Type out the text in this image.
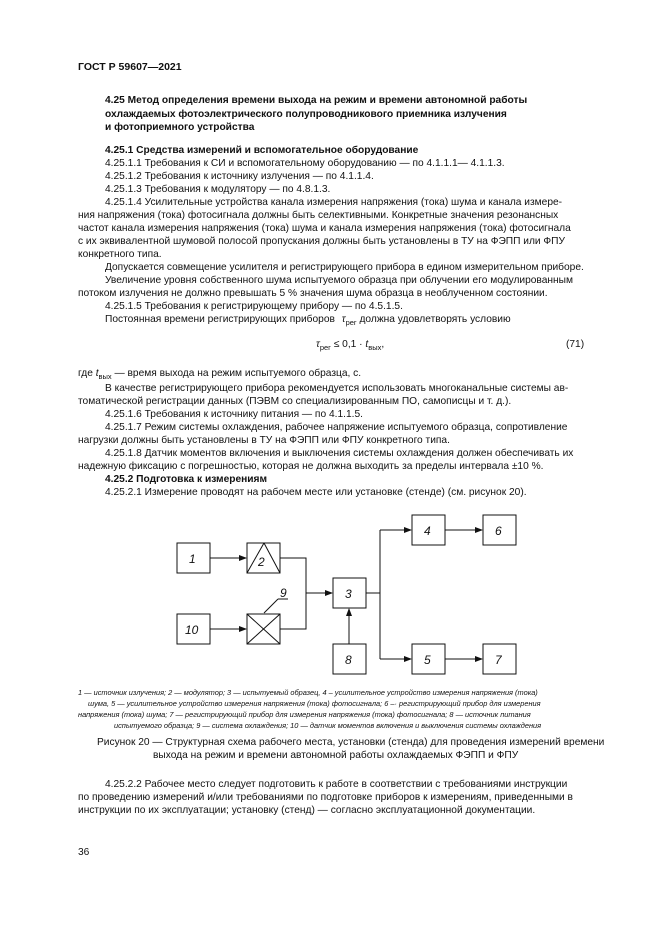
ГОСТ Р 59607—2021
4.25 Метод определения времени выхода на режим и времени автономной работы
охлаждаемых фотоэлектрического полупроводникового приемника излучения
и фотоприемного устройства
4.25.1 Средства измерений и вспомогательное оборудование
4.25.1.1 Требования к СИ и вспомогательному оборудованию — по 4.1.1.1— 4.1.1.3.
4.25.1.2 Требования к источнику излучения — по 4.1.1.4.
4.25.1.3 Требования к модулятору — по 4.8.1.3.
4.25.1.4 Усилительные устройства канала измерения напряжения (тока) шума и канала измере-
ния напряжения (тока) фотосигнала должны быть селективными. Конкретные значения резонансных
частот канала измерения напряжения (тока) шума и канала измерения напряжения (тока) фотосигнала
с их эквивалентной шумовой полосой пропускания должны быть установлены в ТУ на ФЭПП или ФПУ
конкретного типа.
Допускается совмещение усилителя и регистрирующего прибора в едином измерительном приборе.
Увеличение уровня собственного шума испытуемого образца при облучении его модулированным
потоком излучения не должно превышать 5 % значения шума образца в необлученном состоянии.
4.25.1.5 Требования к регистрирующему прибору — по 4.5.1.5.
Постоянная времени регистрирующих приборов $\tau_{рег}$ должна удовлетворять условию
$\tau_{рег} \le 0,1 \cdot t_{вых}$,	(71)
где $t_{вых}$ — время выхода на режим испытуемого образца, с.
В качестве регистрирующего прибора рекомендуется использовать многоканальные системы ав-
томатической регистрации данных (ПЭВМ со специализированным ПО, самописцы и т. д.).
4.25.1.6 Требования к источнику питания — по 4.1.1.5.
4.25.1.7 Режим системы охлаждения, рабочее напряжение испытуемого образца, сопротивление
нагрузки должны быть установлены в ТУ на ФЭПП или ФПУ конкретного типа.
4.25.1.8 Датчик моментов включения и выключения системы охлаждения должен обеспечивать их
надежную фиксацию с погрешностью, которая не должна выходить за пределы интервала ±10 %.
4.25.2 Подготовка к измерениям
4.25.2.1 Измерение проводят на рабочем месте или установке (стенде) (см. рисунок 20).
1	2
3
4
5
6
7
8
9
10
1 — источник излучения; 2 — модулятор; 3 — испытуемый образец, 4 – усилительное устройство измерения напряжения (тока)
шума, 5 — усилительное устройство измерения напряжения (тока) фотосигнала; 6 –· регистрирующий прибор для измерения
напряжения (тока) шума; 7 — регистрирующий прибор для измерения напряжения (тока) фотосигнала; 8 — источник питания
испытуемого образца; 9 — система охлаждения; 10 — датчик моментов включения и выключения системы охлаждения
Рисунок 20 — Структурная схема рабочего места, установки (стенда) для проведения измерений времени
выхода на режим и времени автономной работы охлаждаемых ФЭПП и ФПУ
4.25.2.2 Рабочее место следует подготовить к работе в соответствии с требованиями инструкции
по проведению измерений и/или требованиями по подготовке приборов к измерениям, приведенными в
инструкции по их эксплуатации; установку (стенд) — согласно эксплуатационной документации.
36
